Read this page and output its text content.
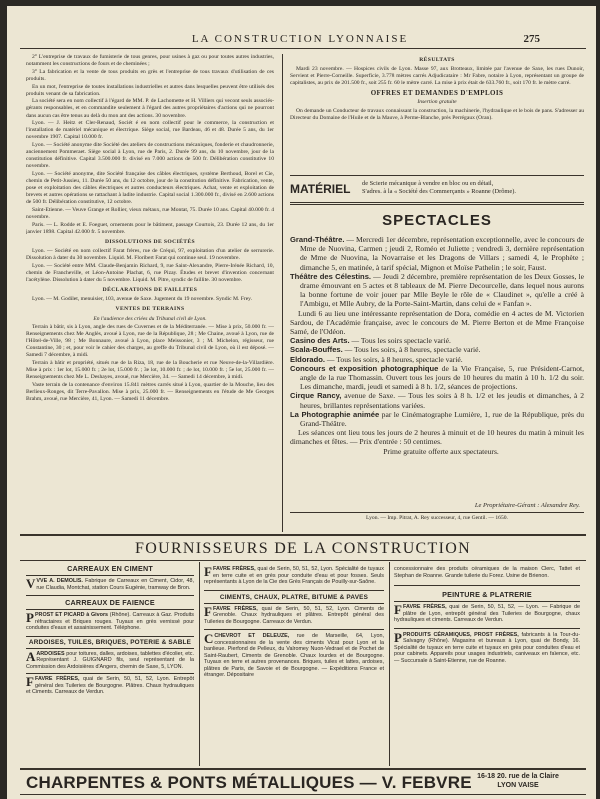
LA CONSTRUCTION LYONNAISE	275

2° L'entreprise de travaux de fumisterie de tous genres, pour usines à gaz ou pour toutes autres industries, notamment les constructions de fours et de cheminées ;

3° La fabrication et la vente de tous produits en grès et l'entreprise de tous travaux d'utilisation de ces produits.

En un mot, l'entreprise de toutes installations industrielles et autres dans lesquelles peuvent être utilisés des produits venant de sa fabrication.

La société sera en nom collectif à l'égard de MM. P. de Lachomette et H. Villiers qui vecont seuls associés-gérants responsables, et en commandite seulement à l'égard des autres propriétaires d'actions qui ne pourront dans aucun cas être tenus au delà du mon ant des actions. 30 novembre.

Lyon. — J. Heitz et Cler-Renaud, Sociét é en nom collectif pour le commerce, la construction et l'installation de matériel mécanique et électrique. Siège social, rue Bardeau, 46 et 48. Durée 5 ans, du 1er novembre 1907. Capital 10.000 fr.

Lyon. — Société anonyme dite Société des ateliers de constructions mécaniques, fonderie et chaudronnerie, anciennement Pommeraet. Siège social à Lyon, rue de Paris, 2. Durée 99 ans, du 10 novembre, jour de la constitution définitive. Capital 3.500.000 fr. divisé en 7.000 actions de 500 fr. Délibération constitutive 10 novembre.

Lyon. — Société anonyme, dite Société française des câbles électriques, système Berthoud, Borel et Cie, chemin de Petit-Jussieu, 11. Durée 50 ans, du 12 octobre, jour de la constitution définitive. Fabrication, vente, pose et exploitation des câbles électriques et autres conducteurs électriques. Achat, vente et exploitation de brevets et autres opérations se rattachant à ladite industrie. Capital social 1.300.000 fr., divisé en 2.600 actions de 500 fr. Délibération constitutive, 12 octobre.

Saint-Etienne. — Veuve Grange et Rollier, vieux métaux, rue Montat, 75. Durée 10 ans. Capital 40.000 fr. 4 novembre.

Paris. — L. Rodde et E. Foeguet, ornements pour le bâtiment, passage Courtois, 23. Durée 12 ans, du 1er janvier 1898. Capital 42.000 fr. 5 novembre.

DISSOLUTIONS DE SOCIÉTÉS

Lyon. — Société en nom collectif Farat frères, rue de Créqui, 97, exploitation d'un atelier de serrurerie. Dissolution à dater du 30 novembre. Liquid. M. Floribert Farat qui continue seul. 19 novembre.

Lyon. — Société entre MM. Claude-Benjamin Richard, 9, rue Saint-Alexandre, Pierre-Irénée Richard, 10, chemin de Francheville, et Léon-Antoine Plachat, 6, rue Pizay. Études et brevet d'invention concernant l'acétylène. Dissolution à dater du 5 novembre. Liquid. M. Pitre, syndic de faillite. 30 novembre.

DÉCLARATIONS DE FAILLITES

Lyon. — M. Godilet, menuisier, 103, avenue de Saxe. Jugement du 19 novembre. Syndic M. Frey.

VENTES DE TERRAINS
En l'audience des criées du Tribunal civil de Lyon.

Terrain à bâtir, sis à Lyon, angle des rues de Cuvernes et de la Méditerranée. — Mise à prix, 50.000 fr. — Renseignements chez Me Anglès, avoué à Lyon, rue de la République, 28 ; Me Chaine, avoué à Lyon, rue de l'Hôtel-de-Ville, 98 ; Me Bonnaure, avoué à Lyon, place Meissonier, 3 ; M. Michelon, régisseur, rue Constantine, 30 ; et, pour voir le cahier des charges, au greffe du Tribunal civil de Lyon, où il est déposé. — Samedi 7 décembre, à midi.

Terrain à bâtir et propriété, situés rue de la Riza, 18, rue de la Boucherie et rue Neuve-de-la-Villardière. Mise à prix : 1er lot, 15.000 fr. ; 2e lot, 15.000 fr. ; 3e lot, 10.000 fr. ; 4e lot, 10.000 fr. ; 5e lot, 25.000 fr. — Renseignements chez Me L. Deshayes, avoué, rue Mercière, 34. — Samedi 14 décembre, à midi.

Vaste terrain de la contenance d'environ 15.841 mètres carrés situé à Lyon, quartier de la Mouche, lieu des Berlieux-Ronges, dit Terre-Pavallon. Mise à prix, 25.000 fr. — Renseignements en l'étude de Me Georges Brahm, avoué, rue Mercière, 41, Lyon. — Samedi 11 décembre.

RÉSULTATS

Mardi 23 novembre. — Hospices civils de Lyon. Masse 97, aux Brotteaux, limitée par l'avenue de Saxe, les rues Dunoir, Servient et Pierre-Corneille. Superficie, 3.778 mètres carrés Adjudicataire : Mr Fabre, notaire à Lyon, représentant un groupe de capitalistes, au prix de 201.500 fr., soit 255 fr. 60 le mètre carré. La mise à prix était de 633.760 fr., soit 170 fr. le mètre carré.

OFFRES ET DEMANDES D'EMPLOIS
Insertion gratuite

On demande un Conducteur de travaux connaissant la construction, la machinerie, l'hydraulique et le bois de pans. S'adresser au Directeur du Domaine de l'Huile et de la Mauve, à Perme-Blanche, près Perrégaux (Oran).

MATÉRIEL de Scierie mécanique à vendre en bloc ou en détail,
S'adres. à la « Société des Commerçants » Roanne (Drôme).
SPECTACLES

Grand-Théâtre. — Mercredi 1er décembre, représentation exceptionnelle, avec le concours de Mme de Nuovina, Carmen ; jeudi 2, Roméo et Juliette ; vendredi 3, dernière représentation de Mme de Nuovina, la Novarraise et les Dragons de Villars ; samedi 4, le Prophète ; dimanche 5, en matinée, à tarif spécial, Mignon et Moïse Pathelin ; le soir, Faust.

Théâtre des Célestins. — Jeudi 2 décembre, première représentation de les Deux Gosses, le drame émouvant en 5 actes et 8 tableaux de M. Pierre Decourcelle, dans lequel nous aurons la bonne fortune de voir jouer par Mlle Beyle le rôle de « Claudinet », qu'elle a créé à l'Ambigu, et Mlle Aubry, de la Porte-Saint-Martin, dans celui de « Fanfan ».

Lundi 6 au lieu une intéressante représentation de Dora, comédie en 4 actes de M. Victorien Sardou, de l'Académie française, avec le concours de M. Pierre Berton et de Mme Françoise Samé, de l'Odéon.

Casino des Arts. — Tous les soirs spectacle varié.

Scala-Bouffes. — Tous les soirs, à 8 heures, spectacle varié.

Eldorado. — Tous les soirs, à 8 heures, spectacle varié.

Concours et exposition photographique de la Vie Française, 5, rue Président-Carnot, angle de la rue Thomassin. Ouvert tous les jours de 10 heures du matin à 10 h. 1/2 du soir. Les dimanche, mardi, jeudi et samedi à 8 h. 1/2, séances de projections.

Cirque Rancy, avenue de Saxe. — Tous les soirs à 8 h. 1/2 et les jeudis et dimanches, à 2 heures, brillantes représentations variées.

La Photographie animée par le Cinématographe Lumière, 1, rue de la République, près du Grand-Théâtre.

Les séances ont lieu tous les jours de 2 heures à minuit et de 10 heures du matin à minuit les dimanches et fêtes. — Prix d'entrée : 50 centimes.

Prime gratuite offerte aux spectateurs.

Le Propriétaire-Gérant : Alexandre Rey.
Lyon. — Imp. Pitrat, A. Rey successeur, 4, rue Gentil. — 1650.
FOURNISSEURS DE LA CONSTRUCTION
CARREAUX EN CIMENT
VVVE A. DEMOLIS. Fabrique de Carreaux en Ciment, Cidor, 48, rue Claudia, Montchat, station Cours Eugénie, tramway de Bron.
CARREAUX DE FAIENCE
PPROST ET PICARD à Givors (Rhône). Carreaux à Gaz. Produits réfractaires et Briques rouges. Tuyaux en grès vernissé pour conduites d'eaux et assainissement. Téléphone.
ARDOISES, TUILES, BRIQUES, POTERIE & SABLE
AARDOISES pour toitures, dalles, ardoises, tablettes d'écolier, etc. Représentant J. GUIGNARD fils, seul représentant de la Commission des Ardoisières d'Angers, chemin de Saxe, 5, LYON.
FFAVRE FRÈRES, quai de Serin, 50, 51, 52, Lyon. Entrepôt général des Tuileries de Bourgogne. Plâtres. Chaux hydrauliques et Ciments. Carreaux de Verdun.
FFAVRE FRÈRES, quai de Serin, 50, 51, 52, Lyon. Spécialité de tuyaux en terre cuite et en grès pour conduite d'eau et pour fosses. Seuls représentants à Lyon de la Cie des Grès Français de Pouilly-sur-Saône.
CIMENTS, CHAUX, PLATRE, BITUME & PAVES
FFAVRE FRÈRES, quai de Serin, 50, 51, 52, Lyon. Ciments de Grenoble. Chaux hydrauliques et plâtres. Entrepôt général des Tuileries de Bourgogne. Carreaux de Verdun.
CCHEVROT ET DELEUZE, rue de Marseille, 64, Lyon, concessionnaires de la vente des ciments Vicat pour Lyon et la banlieue. Pierfond de Pelleux, du Valromey Nuon-Vedrael et de Pochet de Saint-Raubert, Ciments de Grenoble. Chaux lourdes et de Bourgogne. Tuyaux en terre et autres provenances. Briques, tuiles et lattes, ardoises, plâtres de Paris, de Savoie et de Bourgogne. — Expéditions France et étranger. Dépositaire
concessionnaire des produits céramiques de la maison Clerc, Tattet et Stephan de Roanne. Grande tuilerie du Forez. Usine de Brienon.
PEINTURE & PLATRERIE
FFAVRE FRÈRES, quai de Serin, 50, 51, 52, — Lyon. — Fabrique de plâtre de Lyon, entrepôt général des Tuileries de Bourgogne, chaux hydrauliques et ciments. Carreaux de Verdun.
PPRODUITS CÉRAMIQUES, PROST FRÈRES, fabricants à la Tour-du-Salvagny (Rhône). Magasins et bureaux à Lyon, quai de Bondy, 16. Spécialité de tuyaux en terre cuite et tuyaux en grès pour conduites d'eau et pour cabinets. Appareils pour usages industriels, caniveaux en faïence, etc. — Succursale à Saint-Etienne, rue de Roanne.
CHARPENTES & PONTS MÉTALLIQUES — V. FEBVRE 16-18 20. rue de la Claire
LYON VAISE
